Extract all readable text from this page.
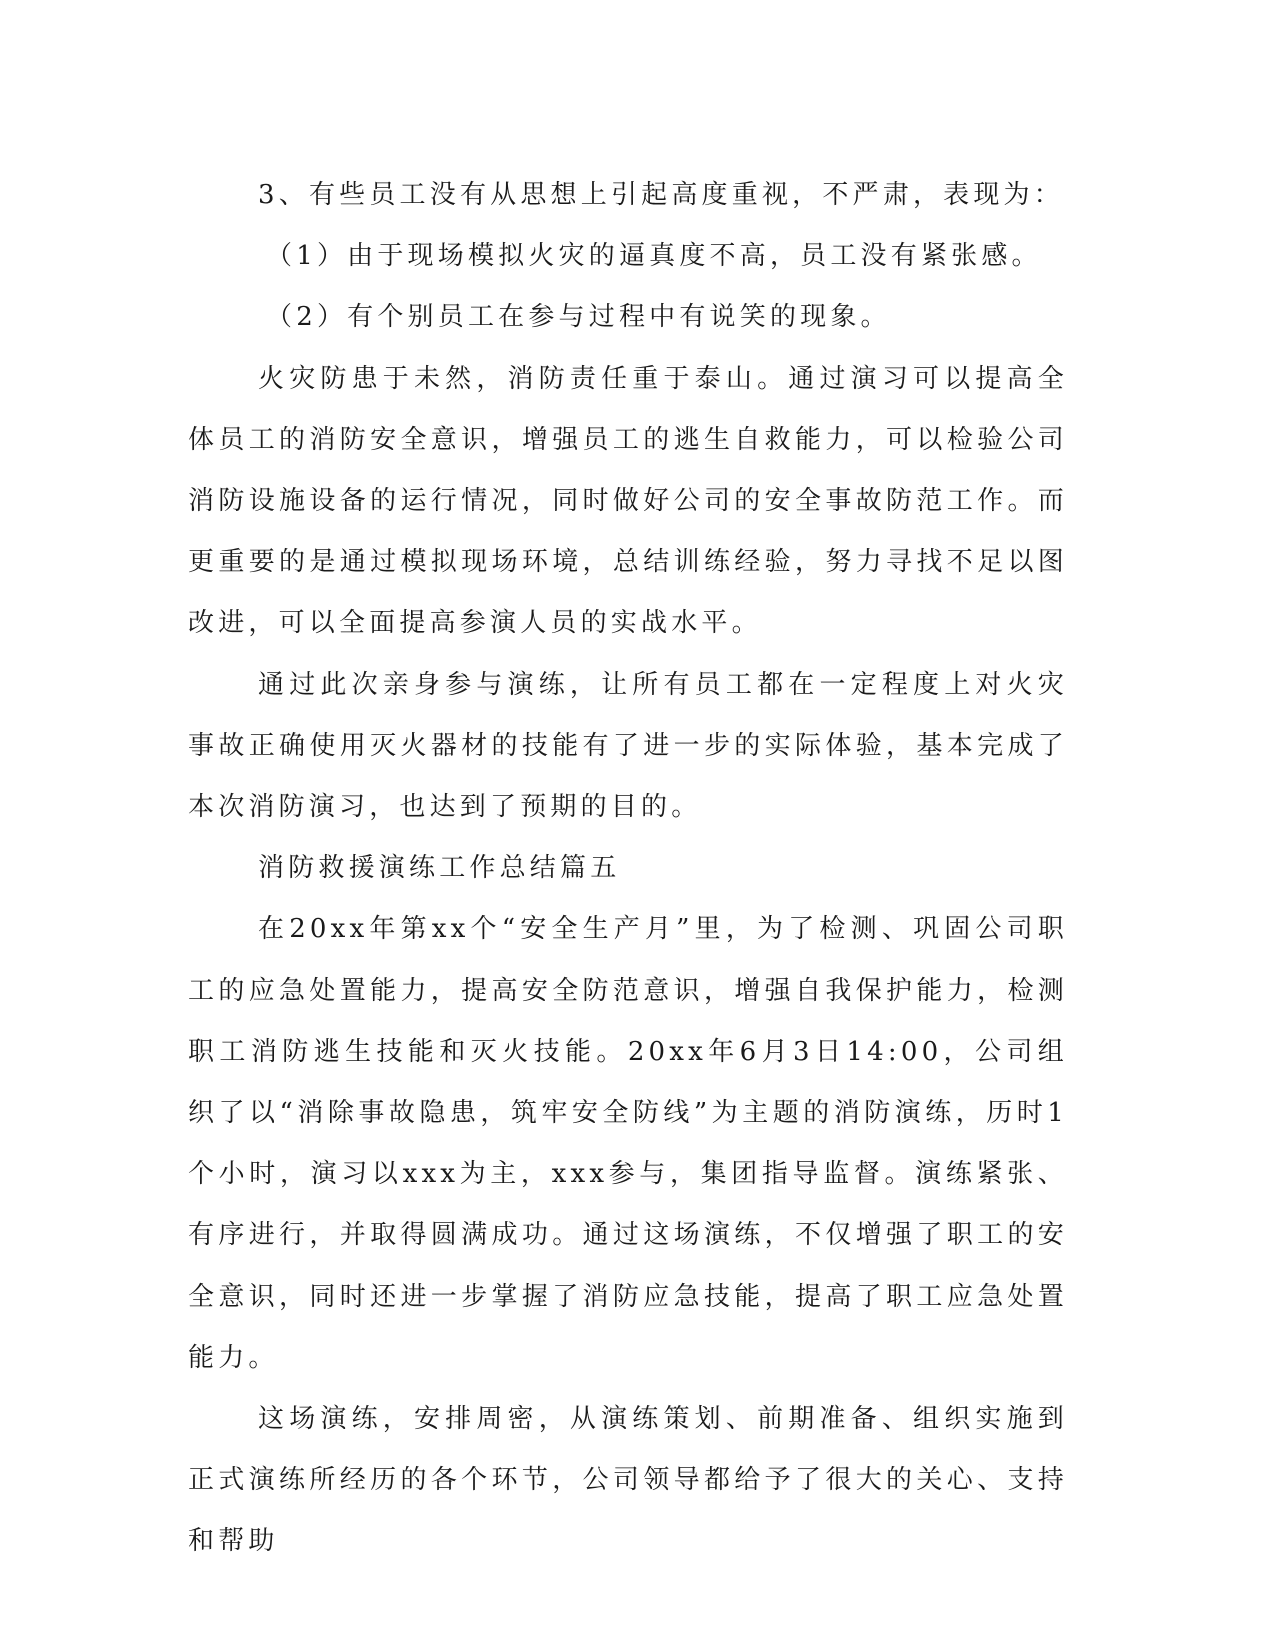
3、有些员工没有从思想上引起高度重视，不严肃，表现为：

（1）由于现场模拟火灾的逼真度不高，员工没有紧张感。

（2）有个别员工在参与过程中有说笑的现象。

火灾防患于未然，消防责任重于泰山。通过演习可以提高全体员工的消防安全意识，增强员工的逃生自救能力，可以检验公司消防设施设备的运行情况，同时做好公司的安全事故防范工作。而更重要的是通过模拟现场环境，总结训练经验，努力寻找不足以图改进，可以全面提高参演人员的实战水平。

通过此次亲身参与演练，让所有员工都在一定程度上对火灾事故正确使用灭火器材的技能有了进一步的实际体验，基本完成了本次消防演习，也达到了预期的目的。

消防救援演练工作总结篇五

在20xx年第xx个“安全生产月”里，为了检测、巩固公司职工的应急处置能力，提高安全防范意识，增强自我保护能力，检测职工消防逃生技能和灭火技能。20xx年6月3日14:00，公司组织了以“消除事故隐患，筑牢安全防线”为主题的消防演练，历时1个小时，演习以xxx为主，xxx参与，集团指导监督。演练紧张、有序进行，并取得圆满成功。通过这场演练，不仅增强了职工的安全意识，同时还进一步掌握了消防应急技能，提高了职工应急处置能力。

这场演练，安排周密，从演练策划、前期准备、组织实施到正式演练所经历的各个环节，公司领导都给予了很大的关心、支持和帮助
